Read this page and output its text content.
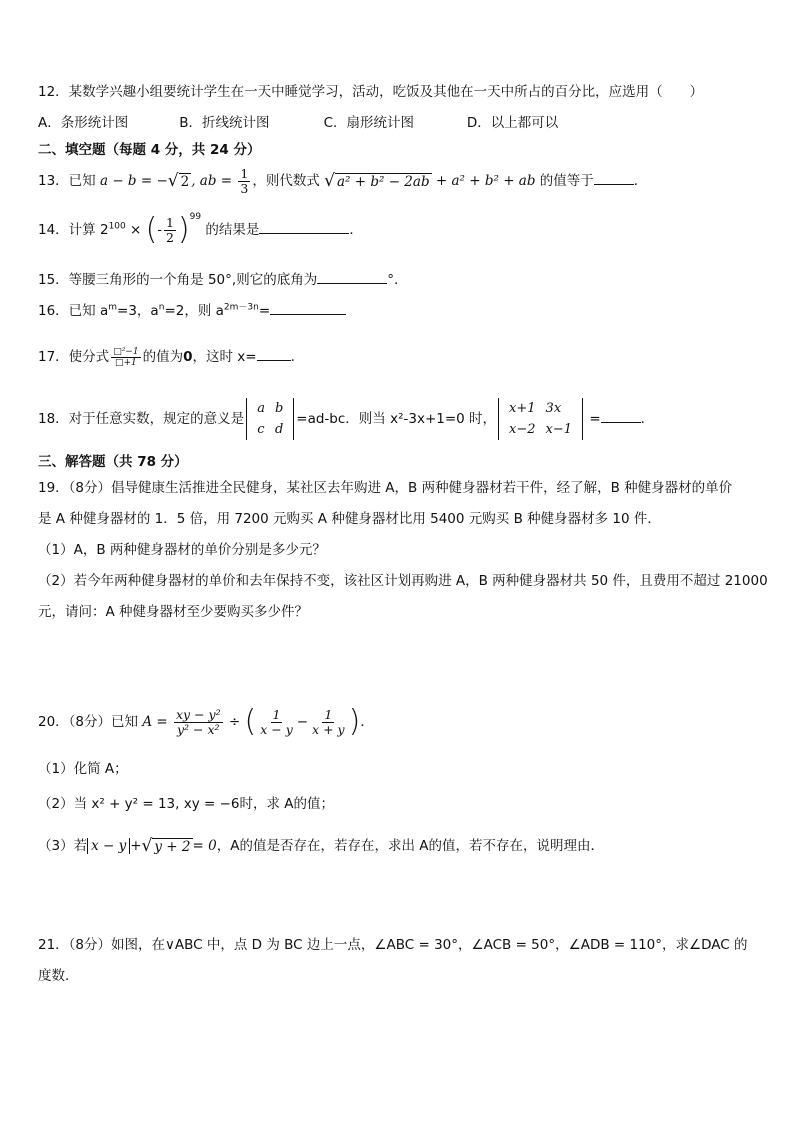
12．某数学兴趣小组要统计学生在一天中睡觉学习，活动，吃饭及其他在一天中所占的百分比，应选用（　　）
A．条形统计图	B．折线统计图	C．扇形统计图	D．以上都可以
二、填空题（每题 4 分，共 24 分）
13．已知 a − b = − √ 2 , ab = $\frac{1}{3}$ ，则代数式 √ a² + b² − 2ab + a² + b² + ab 的值等于	．
14．计算 $2^{100}$ × (- $\frac{1}{2} )^{99}$ 的结果是	．
15．等腰三角形的一个角是 50°,则它的底角为	°.
16．已知 $a^m=3$，$a^n=2$，则 $a^{2m-3n}=$
17．使分式 $\frac{\text{□²−1}}{□+1}$ 的值为0，这时 x=	.
18．对于任意实数，规定的意义是
a	b
c	d
=ad-bc．则当 x²-3x+1=0 时，
x+1	3x
x−2	x−1
=	．
三、解答题（共 78 分）
19．（8分）倡导健康生活推进全民健身，某社区去年购进 A，B 两种健身器材若干件，经了解，B 种健身器材的单价
是 A 种健身器材的 1．5 倍，用 7200 元购买 A 种健身器材比用 5400 元购买 B 种健身器材多 10 件．
（1）A，B 两种健身器材的单价分别是多少元？
（2）若今年两种健身器材的单价和去年保持不变，该社区计划再购进 A，B 两种健身器材共 50 件，且费用不超过 21000
元，请问：A 种健身器材至少要购买多少件？
20．（8分）已知 $A = \frac{\text{xy − y²}}{\text{y² − x²}}$ ÷ ( $\frac{1}{x - y} - \frac{1}{x + y}$ )．
（1）化简 A；
（2）当 x² + y² = 13, xy = −6时，求 A的值；
（3）若 x − y + √ y + 2 = 0，A的值是否存在，若存在，求出 A的值，若不存在，说明理由．
21．（8分）如图，在∨ABC 中，点 D 为 BC 边上一点，∠ABC = 30°，∠ACB = 50°，∠ADB = 110°，求∠DAC 的
度数．
